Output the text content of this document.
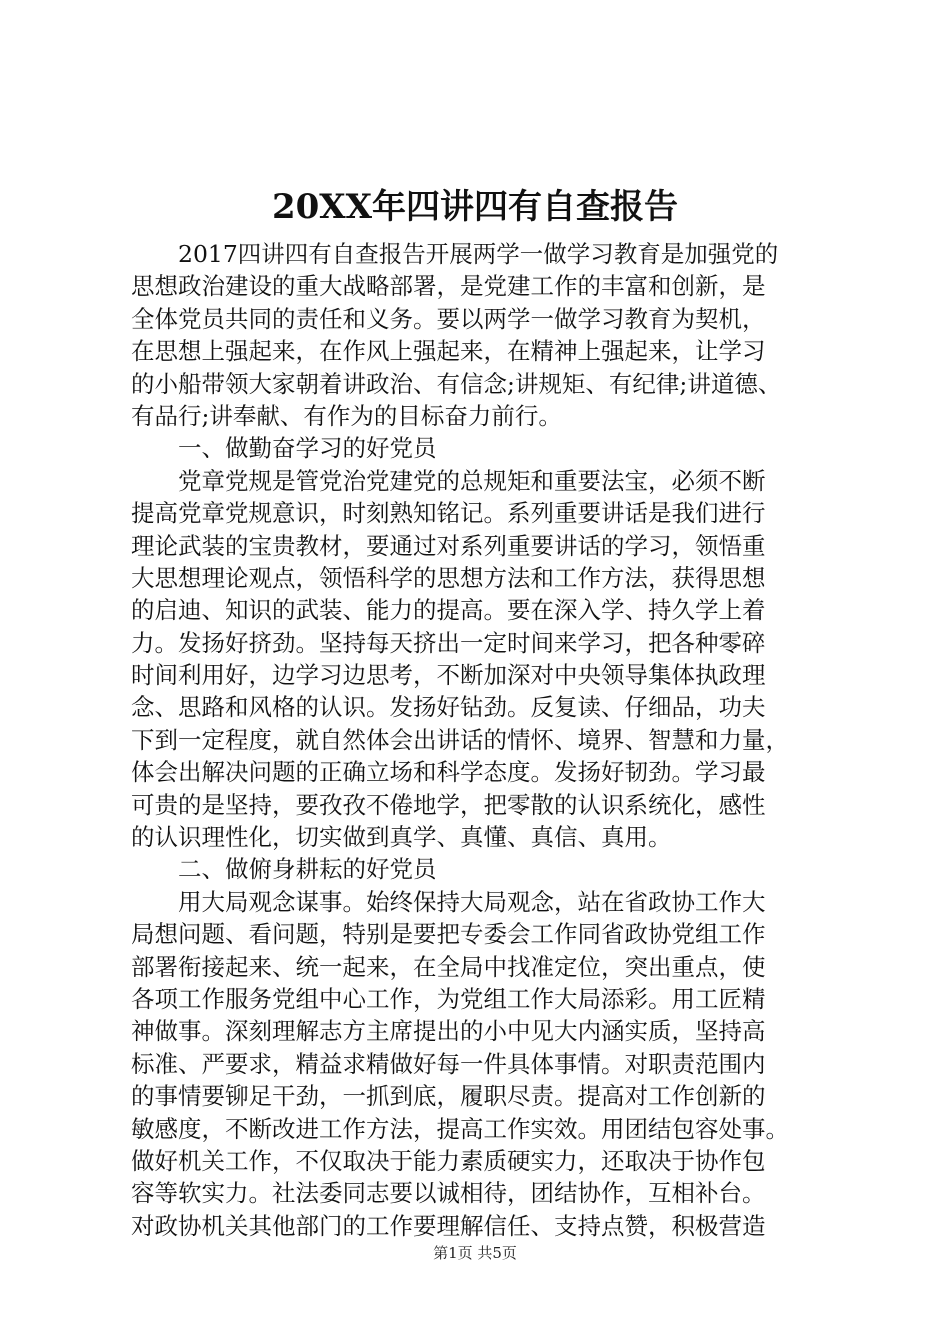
20XX年四讲四有自查报告
2017四讲四有自查报告开展两学一做学习教育是加强党的
思想政治建设的重大战略部署，是党建工作的丰富和创新，是
全体党员共同的责任和义务。要以两学一做学习教育为契机，
在思想上强起来，在作风上强起来，在精神上强起来，让学习
的小船带领大家朝着讲政治、有信念;讲规矩、有纪律;讲道德、
有品行;讲奉献、有作为的目标奋力前行。
一、做勤奋学习的好党员
党章党规是管党治党建党的总规矩和重要法宝，必须不断
提高党章党规意识，时刻熟知铭记。系列重要讲话是我们进行
理论武装的宝贵教材，要通过对系列重要讲话的学习，领悟重
大思想理论观点，领悟科学的思想方法和工作方法，获得思想
的启迪、知识的武装、能力的提高。要在深入学、持久学上着
力。发扬好挤劲。坚持每天挤出一定时间来学习，把各种零碎
时间利用好，边学习边思考，不断加深对中央领导集体执政理
念、思路和风格的认识。发扬好钻劲。反复读、仔细品，功夫
下到一定程度，就自然体会出讲话的情怀、境界、智慧和力量，
体会出解决问题的正确立场和科学态度。发扬好韧劲。学习最
可贵的是坚持，要孜孜不倦地学，把零散的认识系统化，感性
的认识理性化，切实做到真学、真懂、真信、真用。
二、做俯身耕耘的好党员
用大局观念谋事。始终保持大局观念，站在省政协工作大
局想问题、看问题，特别是要把专委会工作同省政协党组工作
部署衔接起来、统一起来，在全局中找准定位，突出重点，使
各项工作服务党组中心工作，为党组工作大局添彩。用工匠精
神做事。深刻理解志方主席提出的小中见大内涵实质，坚持高
标准、严要求，精益求精做好每一件具体事情。对职责范围内
的事情要铆足干劲，一抓到底，履职尽责。提高对工作创新的
敏感度，不断改进工作方法，提高工作实效。用团结包容处事。
做好机关工作，不仅取决于能力素质硬实力，还取决于协作包
容等软实力。社法委同志要以诚相待，团结协作，互相补台。
对政协机关其他部门的工作要理解信任、支持点赞，积极营造
第1页 共5页
